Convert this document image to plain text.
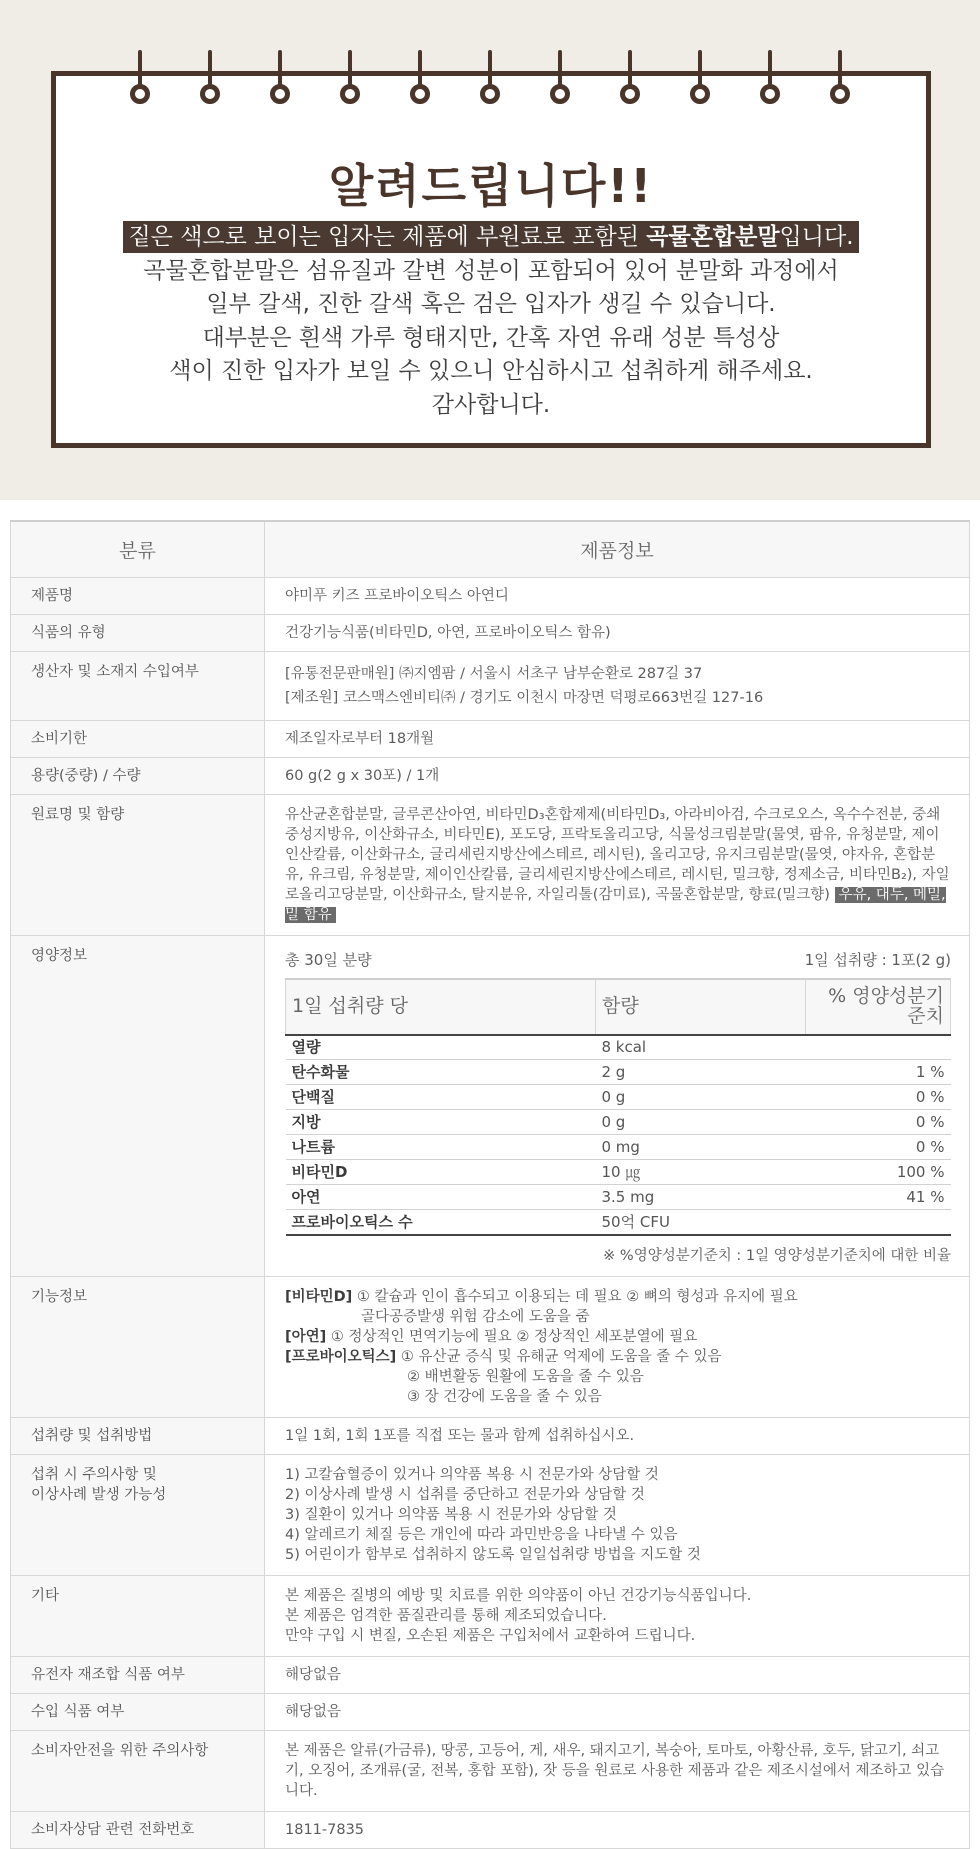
알려드립니다!!
짙은 색으로 보이는 입자는 제품에 부원료로 포함된 곡물혼합분말입니다.
곡물혼합분말은 섬유질과 갈변 성분이 포함되어 있어 분말화 과정에서
일부 갈색, 진한 갈색 혹은 검은 입자가 생길 수 있습니다.
대부분은 흰색 가루 형태지만, 간혹 자연 유래 성분 특성상
색이 진한 입자가 보일 수 있으니 안심하시고 섭취하게 해주세요.
감사합니다.
분류	제품정보
제품명	야미푸 키즈 프로바이오틱스 아연디
식품의 유형	건강기능식품(비타민D, 아연, 프로바이오틱스 함유)
생산자 및 소재지 수입여부	[유통전문판매원] ㈜지엠팜 / 서울시 서초구 남부순환로 287길 37
[제조원] 코스맥스엔비티㈜ / 경기도 이천시 마장면 덕평로663번길 127-16

소비기한	제조일자로부터 18개월
용량(중량) / 수량	60 g(2 g x 30포) / 1개
원료명 및 함량	유산균혼합분말, 글루콘산아연, 비타민D₃혼합제제(비타민D₃, 아라비아검, 수크로오스, 옥수수전분, 중쇄중성지방유, 이산화규소, 비타민E), 포도당, 프락토올리고당, 식물성크림분말(물엿, 팜유, 유청분말, 제이인산칼륨, 이산화규소, 글리세린지방산에스테르, 레시틴), 올리고당, 유지크림분말(물엿, 야자유, 혼합분유, 유크림, 유청분말, 제이인산칼륨, 글리세린지방산에스테르, 레시틴, 밀크향, 정제소금, 비타민B₂), 자일로올리고당분말, 이산화규소, 탈지분유, 자일리톨(감미료), 곡물혼합분말, 향료(밀크향) 우유, 대두, 메밀, 밀 함유
영양정보	총 30일 분량	1일 섭취량 : 1포(2 g)
1일 섭취량 당	함량	% 영양성분기준치
열량	8 kcal	
탄수화물	2 g	1 %
단백질	0 g	0 %
지방	0 g	0 %
나트륨	0 mg	0 %
비타민D	10 ㎍	100 %
아연	3.5 mg	41 %
프로바이오틱스 수	50억 CFU	
※ %영양성분기준치 : 1일 영양성분기준치에 대한 비율

기능정보	[비타민D] ① 칼슘과 인이 흡수되고 이용되는 데 필요 ② 뼈의 형성과 유지에 필요
골다공증발생 위험 감소에 도움을 줌
[아연] ① 정상적인 면역기능에 필요 ② 정상적인 세포분열에 필요
[프로바이오틱스] ① 유산균 증식 및 유해균 억제에 도움을 줄 수 있음
② 배변활동 원활에 도움을 줄 수 있음
③ 장 건강에 도움을 줄 수 있음

섭취량 및 섭취방법	1일 1회, 1회 1포를 직접 또는 물과 함께 섭취하십시오.

섭취 시 주의사항 및
이상사례 발생 가능성

1) 고칼슘혈증이 있거나 의약품 복용 시 전문가와 상담할 것
2) 이상사례 발생 시 섭취를 중단하고 전문가와 상담할 것
3) 질환이 있거나 의약품 복용 시 전문가와 상담할 것
4) 알레르기 체질 등은 개인에 따라 과민반응을 나타낼 수 있음
5) 어린이가 함부로 섭취하지 않도록 일일섭취량 방법을 지도할 것

기타	본 제품은 질병의 예방 및 치료를 위한 의약품이 아닌 건강기능식품입니다.
본 제품은 엄격한 품질관리를 통해 제조되었습니다.
만약 구입 시 변질, 오손된 제품은 구입처에서 교환하여 드립니다.

유전자 재조합 식품 여부	해당없음
수입 식품 여부	해당없음
소비자안전을 위한 주의사항	본 제품은 알류(가금류), 땅콩, 고등어, 게, 새우, 돼지고기, 복숭아, 토마토, 아황산류, 호두, 닭고기, 쇠고기, 오징어, 조개류(굴, 전복, 홍합 포함), 잣 등을 원료로 사용한 제품과 같은 제조시설에서 제조하고 있습니다.
소비자상담 관련 전화번호	1811-7835
